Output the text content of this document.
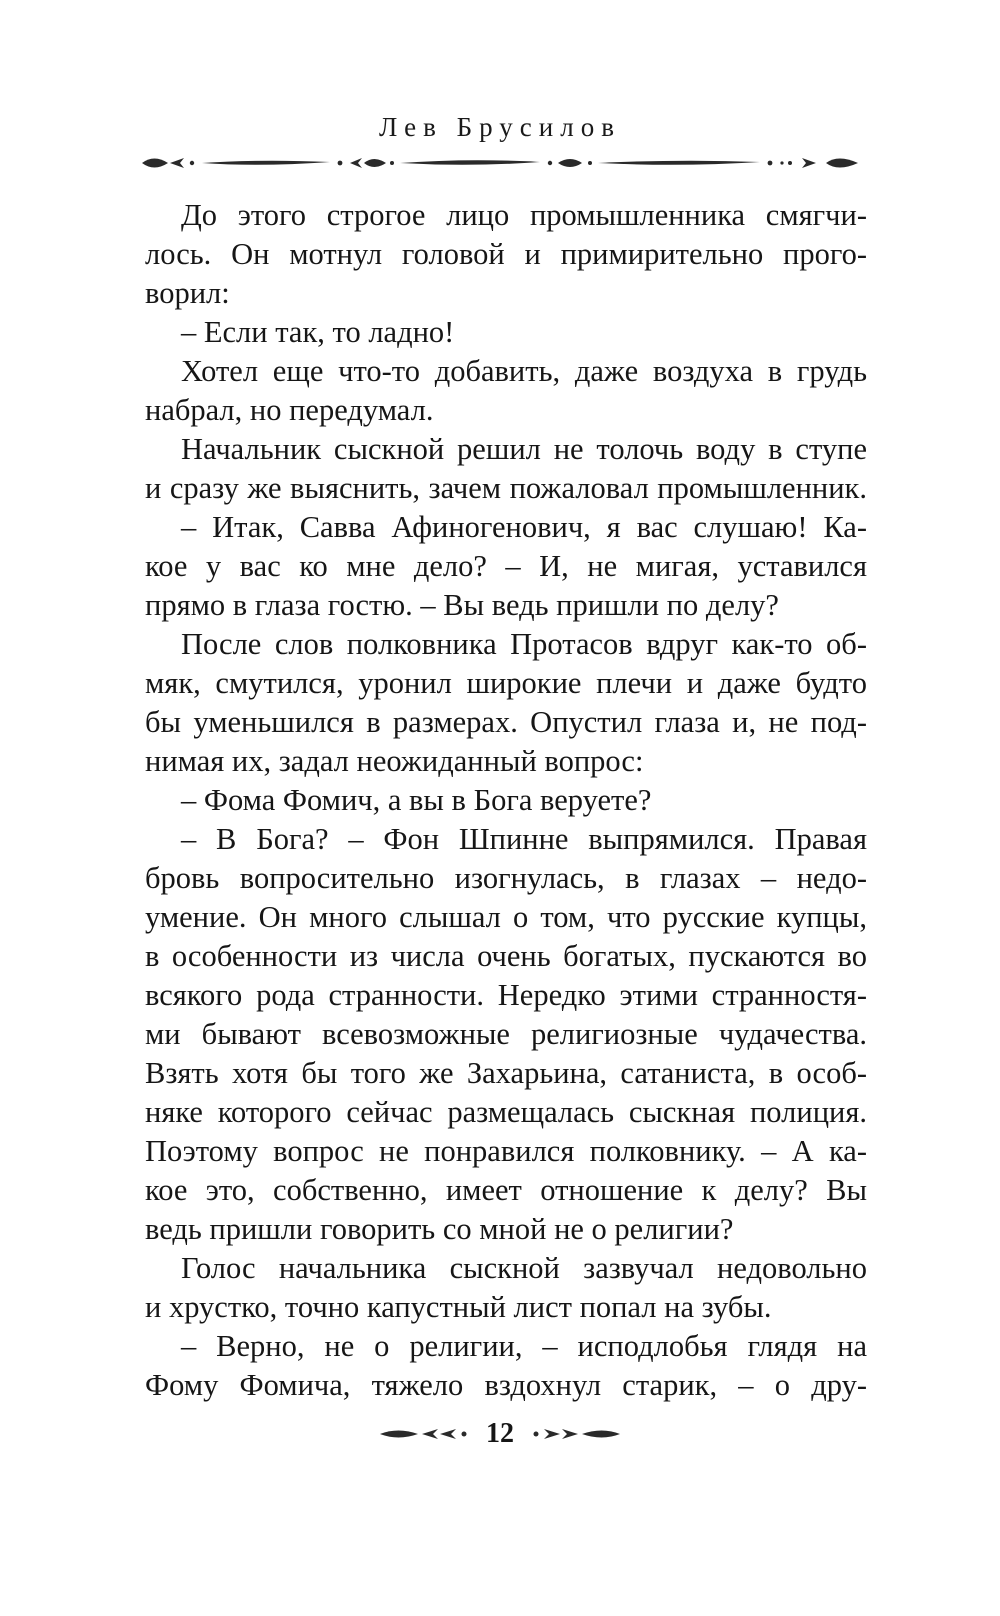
Лев Брусилов
До этого строгое лицо промышленника смягчи-
лось. Он мотнул головой и примирительно прого-
ворил:
– Если так, то ладно!
Хотел еще что-то добавить, даже воздуха в грудь
набрал, но передумал.
Начальник сыскной решил не толочь воду в ступе
и сразу же выяснить, зачем пожаловал промышленник.
– Итак, Савва Афиногенович, я вас слушаю! Ка-
кое у вас ко мне дело? – И, не мигая, уставился
прямо в глаза гостю. – Вы ведь пришли по делу?
После слов полковника Протасов вдруг как-то об-
мяк, смутился, уронил широкие плечи и даже будто
бы уменьшился в размерах. Опустил глаза и, не под-
нимая их, задал неожиданный вопрос:
– Фома Фомич, а вы в Бога веруете?
– В Бога? – Фон Шпинне выпрямился. Правая
бровь вопросительно изогнулась, в глазах – недо-
умение. Он много слышал о том, что русские купцы,
в особенности из числа очень богатых, пускаются во
всякого рода странности. Нередко этими странностя-
ми бывают всевозможные религиозные чудачества.
Взять хотя бы того же Захарьина, сатаниста, в особ-
няке которого сейчас размещалась сыскная полиция.
Поэтому вопрос не понравился полковнику. – А ка-
кое это, собственно, имеет отношение к делу? Вы
ведь пришли говорить со мной не о религии?
Голос начальника сыскной зазвучал недовольно
и хрустко, точно капустный лист попал на зубы.
– Верно, не о религии, – исподлобья глядя на
Фому Фомича, тяжело вздохнул старик, – о дру-
12
